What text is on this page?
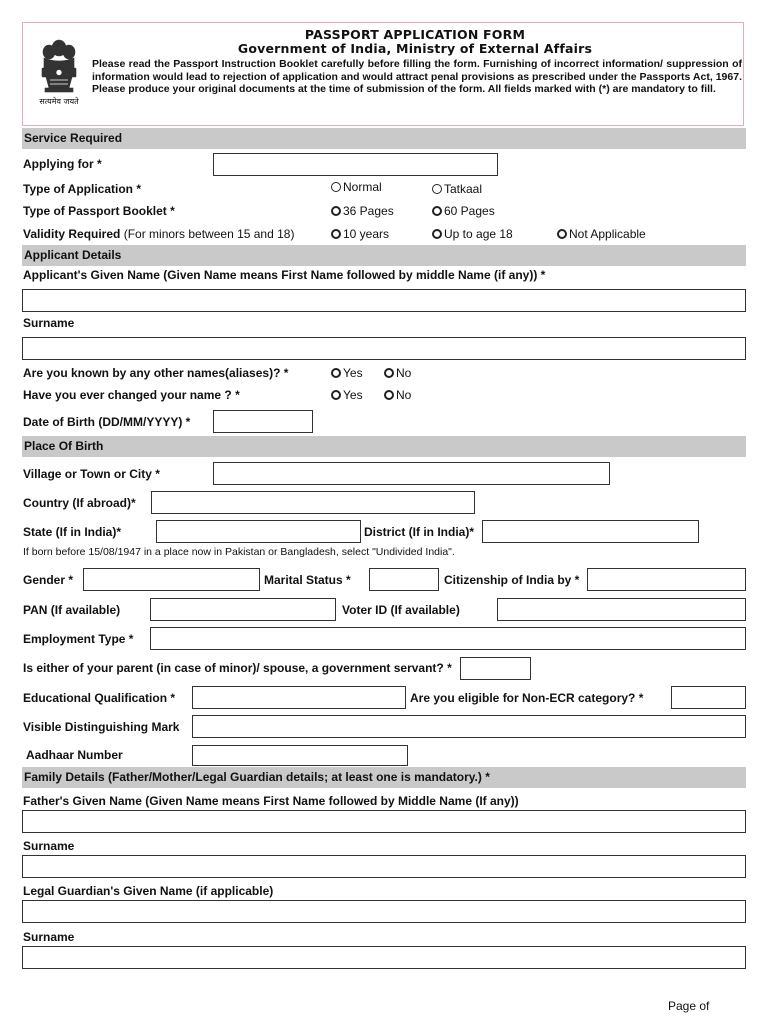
सत्यमेव जयते
PASSPORT APPLICATION FORM
Government of India, Ministry of External Affairs
Please read the Passport Instruction Booklet carefully before filling the form. Furnishing of incorrect information/ suppression of information would lead to rejection of application and would attract penal provisions as prescribed under the Passports Act, 1967. Please produce your original documents at the time of submission of the form. All fields marked with (*) are mandatory to fill.
Service Required
Applying for *
Type of Application *	Normal	Tatkaal
Type of Passport Booklet *	36 Pages	60 Pages
Validity Required (For minors between 15 and 18)	10 years	Up to age 18	Not Applicable
Applicant Details
Applicant's Given Name (Given Name means First Name followed by middle Name (if any)) *
Surname
Are you known by any other names(aliases)? *	Yes	No
Have you ever changed your name ? *	Yes	No
Date of Birth (DD/MM/YYYY) *
Place Of Birth
Village or Town or City *
Country (If abroad)*
State (If in India)*	District (If in India)*
If born before 15/08/1947 in a place now in Pakistan or Bangladesh, select "Undivided India".
Gender *	Marital Status *	Citizenship of India by *
PAN (If available)	Voter ID (If available)
Employment Type *
Is either of your parent (in case of minor)/ spouse, a government servant? *
Educational Qualification *	Are you eligible for Non-ECR category? *
Visible Distinguishing Mark
Aadhaar Number
Family Details (Father/Mother/Legal Guardian details; at least one is mandatory.) *
Father's Given Name (Given Name means First Name followed by Middle Name (If any))
Surname
Legal Guardian's Given Name (if applicable)
Surname
Page of
